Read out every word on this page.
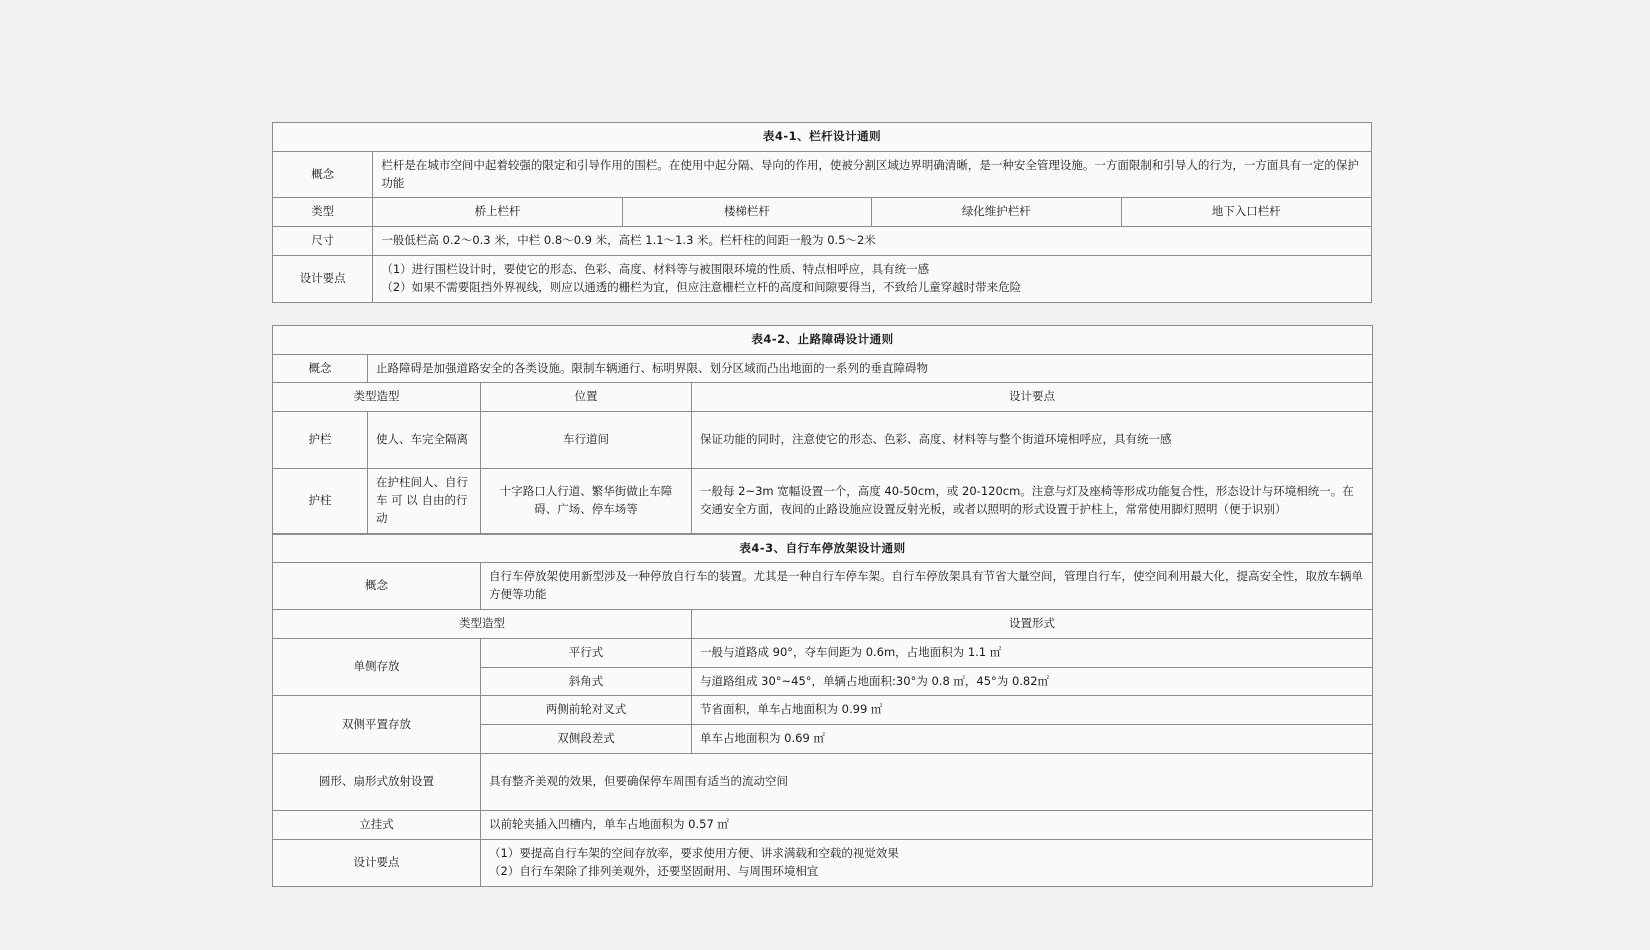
表4-1、栏杆设计通则				
概念	栏杆是在城市空间中起着较强的限定和引导作用的围栏。在使用中起分隔、导向的作用，使被分割区域边界明确清晰，是一种安全管理设施。一方面限制和引导人的行为，一方面具有一定的保护功能			
类型	桥上栏杆	楼梯栏杆	绿化维护栏杆	地下入口栏杆
尺寸	一般低栏高 0.2～0.3 米，中栏 0.8～0.9 米，高栏 1.1～1.3 米。栏杆柱的间距一般为 0.5～2米			
设计要点	（1）进行围栏设计时，要使它的形态、色彩、高度、材料等与被围限环境的性质、特点相呼应，具有统一感
（2）如果不需要阻挡外界视线，则应以通透的栅栏为宜，但应注意栅栏立杆的高度和间隙要得当，不致给儿童穿越时带来危险			
表4-2、止路障碍设计通则			
概念	止路障碍是加强道路安全的各类设施。限制车辆通行、标明界限、划分区域而凸出地面的一系列的垂直障碍物		
类型造型		位置	设计要点
护栏	使人、车完全隔离	车行道间	保证功能的同时，注意使它的形态、色彩、高度、材料等与整个街道环境相呼应，具有统一感
护柱	在护柱间人、自行车 可 以 自由的行动	十字路口人行道、繁华街做止车障碍、广场、停车场等	一般每 2~3m 宽幅设置一个，高度 40-50cm，或 20-120cm。注意与灯及座椅等形成功能复合性，形态设计与环境相统一。在交通安全方面，夜间的止路设施应设置反射光板，或者以照明的形式设置于护柱上，常常使用脚灯照明（便于识别）
表4-3、自行车停放架设计通则		
概念	自行车停放架使用新型涉及一种停放自行车的装置。尤其是一种自行车停车架。自行车停放架具有节省大量空间，管理自行车，使空间利用最大化，提高安全性，取放车辆单方便等功能	
类型造型		设置形式
单侧存放	平行式	一般与道路成 90°，夺车间距为 0.6m，占地面积为 1.1 ㎡
	斜角式	与道路组成 30°~45°，单辆占地面积:30°为 0.8 ㎡，45°为 0.82㎡
双侧平置存放	两侧前轮对叉式	节省面积，单车占地面积为 0.99 ㎡
	双侧段差式	单车占地面积为 0.69 ㎡
圆形、扇形式放射设置	具有整齐美观的效果，但要确保停车周围有适当的流动空间	
立挂式	以前轮夹插入凹槽内，单车占地面积为 0.57 ㎡	
设计要点	（1）要提高自行车架的空间存放率，要求使用方便、讲求满载和空载的视觉效果
（2）自行车架除了排列美观外，还要坚固耐用、与周围环境相宜	
